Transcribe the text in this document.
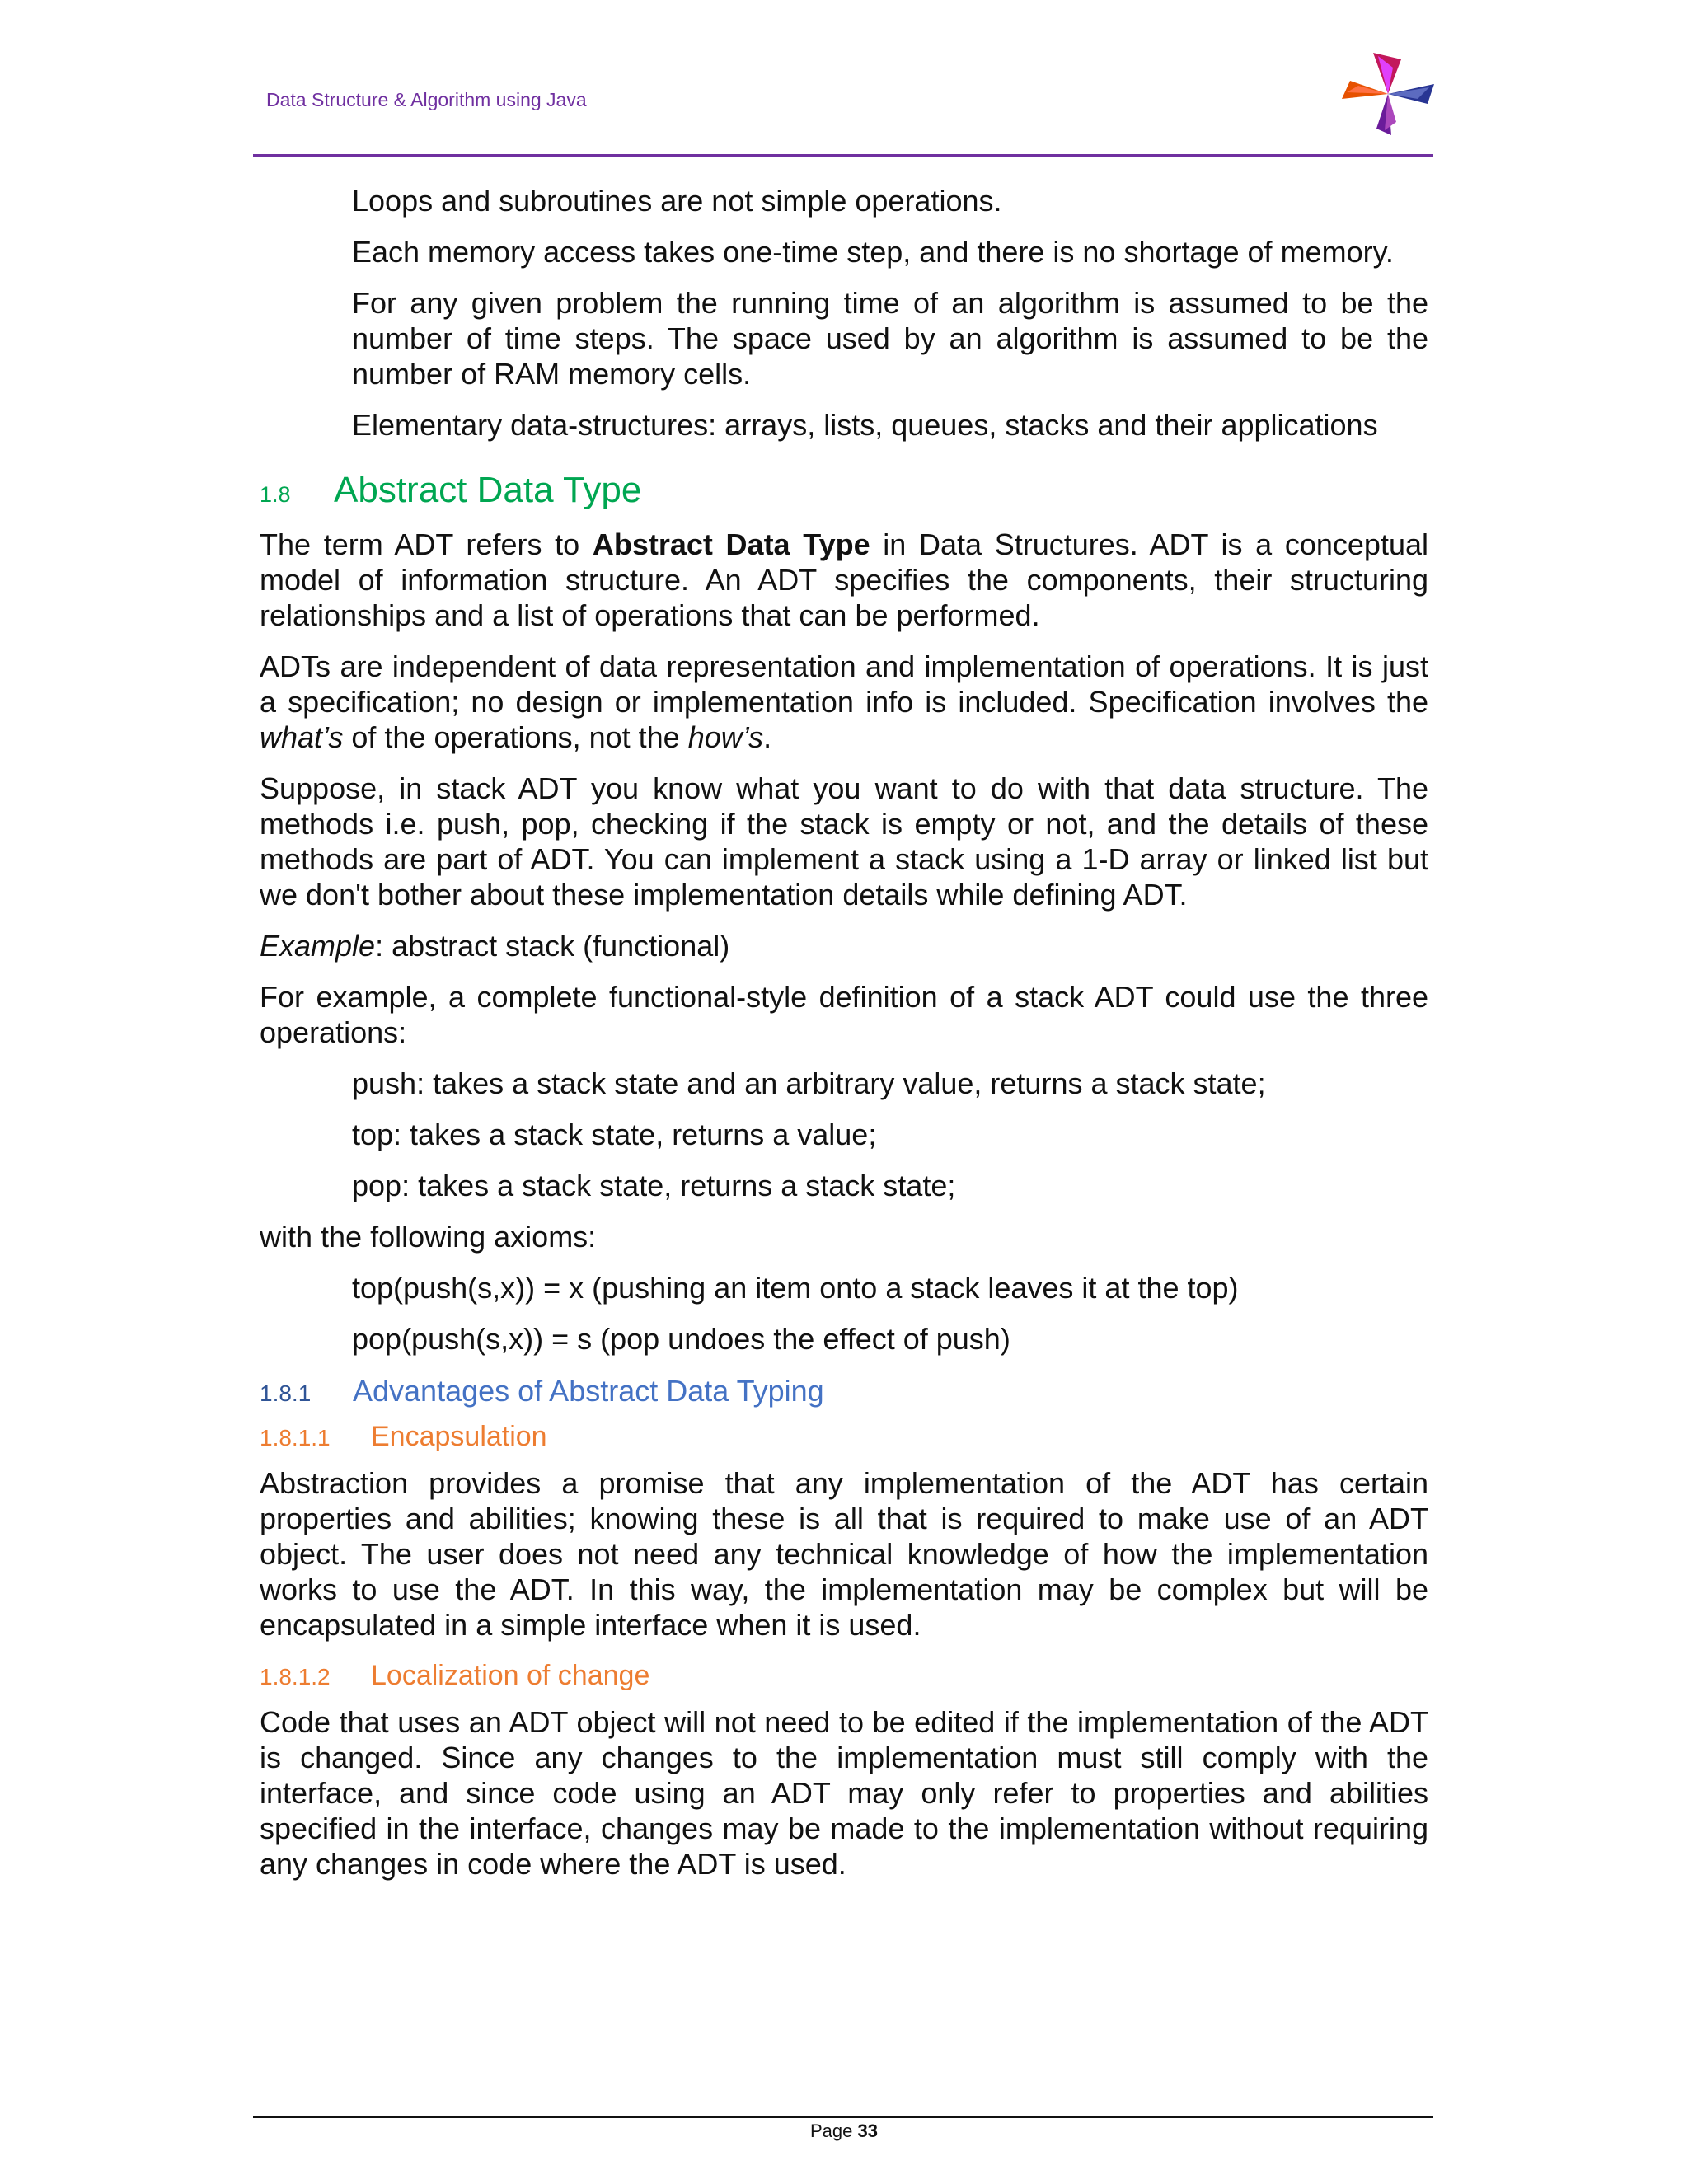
Data Structure & Algorithm using Java

Loops and subroutines are not simple operations.

Each memory access takes one-time step, and there is no shortage of memory.

For any given problem the running time of an algorithm is assumed to be the number of time steps. The space used by an algorithm is assumed to be the number of RAM memory cells.

Elementary data-structures: arrays, lists, queues, stacks and their applications

1.8	Abstract Data Type

The term ADT refers to Abstract Data Type in Data Structures. ADT is a conceptual model of information structure. An ADT specifies the components, their structuring relationships and a list of operations that can be performed.

ADTs are independent of data representation and implementation of operations. It is just a specification; no design or implementation info is included. Specification involves the what’s of the operations, not the how’s.

Suppose, in stack ADT you know what you want to do with that data structure. The methods i.e. push, pop, checking if the stack is empty or not, and the details of these methods are part of ADT. You can implement a stack using a 1-D array or linked list but we don't bother about these implementation details while defining ADT.

Example: abstract stack (functional)

For example, a complete functional-style definition of a stack ADT could use the three operations:

push: takes a stack state and an arbitrary value, returns a stack state;

top: takes a stack state, returns a value;

pop: takes a stack state, returns a stack state;

with the following axioms:

top(push(s,x)) = x (pushing an item onto a stack leaves it at the top)

pop(push(s,x)) = s (pop undoes the effect of push)

1.8.1	Advantages of Abstract Data Typing
1.8.1.1	Encapsulation

Abstraction provides a promise that any implementation of the ADT has certain properties and abilities; knowing these is all that is required to make use of an ADT object. The user does not need any technical knowledge of how the implementation works to use the ADT. In this way, the implementation may be complex but will be encapsulated in a simple interface when it is used.

1.8.1.2	Localization of change

Code that uses an ADT object will not need to be edited if the implementation of the ADT is changed. Since any changes to the implementation must still comply with the interface, and since code using an ADT may only refer to properties and abilities specified in the interface, changes may be made to the implementation without requiring any changes in code where the ADT is used.

Page 33
